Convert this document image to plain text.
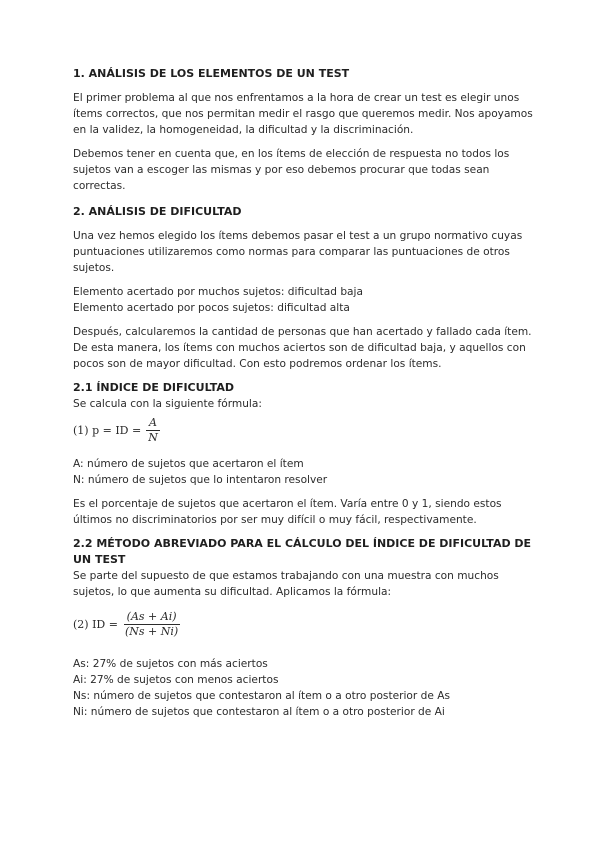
1. ANÁLISIS DE LOS ELEMENTOS DE UN TEST

El primer problema al que nos enfrentamos a la hora de crear un test es elegir unos ítems correctos, que nos permitan medir el rasgo que queremos medir. Nos apoyamos en la validez, la homogeneidad, la dificultad y la discriminación.

Debemos tener en cuenta que, en los ítems de elección de respuesta no todos los sujetos van a escoger las mismas y por eso debemos procurar que todas sean correctas.

2. ANÁLISIS DE DIFICULTAD

Una vez hemos elegido los ítems debemos pasar el test a un grupo normativo cuyas puntuaciones utilizaremos como normas para comparar las puntuaciones de otros sujetos.

Elemento acertado por muchos sujetos: dificultad baja

Elemento acertado por pocos sujetos: dificultad alta

Después, calcularemos la cantidad de personas que han acertado y fallado cada ítem. De esta manera, los ítems con muchos aciertos son de dificultad baja, y aquellos con pocos son de mayor dificultad. Con esto podremos ordenar los ítems.

2.1 ÍNDICE DE DIFICULTAD

Se calcula con la siguiente fórmula:

(1) p = ID = $\frac{A}{N}$

A: número de sujetos que acertaron el ítem

N: número de sujetos que lo intentaron resolver

Es el porcentaje de sujetos que acertaron el ítem. Varía entre 0 y 1, siendo estos últimos no discriminatorios por ser muy difícil o muy fácil, respectivamente.

2.2 MÉTODO ABREVIADO PARA EL CÁLCULO DEL ÍNDICE DE DIFICULTAD DE UN TEST

Se parte del supuesto de que estamos trabajando con una muestra con muchos sujetos, lo que aumenta su dificultad. Aplicamos la fórmula:

(2) ID = $\frac{(As + Ai)}{(Ns + Ni)}$

As: 27% de sujetos con más aciertos

Ai: 27% de sujetos con menos aciertos

Ns: número de sujetos que contestaron al ítem o a otro posterior de As

Ni: número de sujetos que contestaron al ítem o a otro posterior de Ai
